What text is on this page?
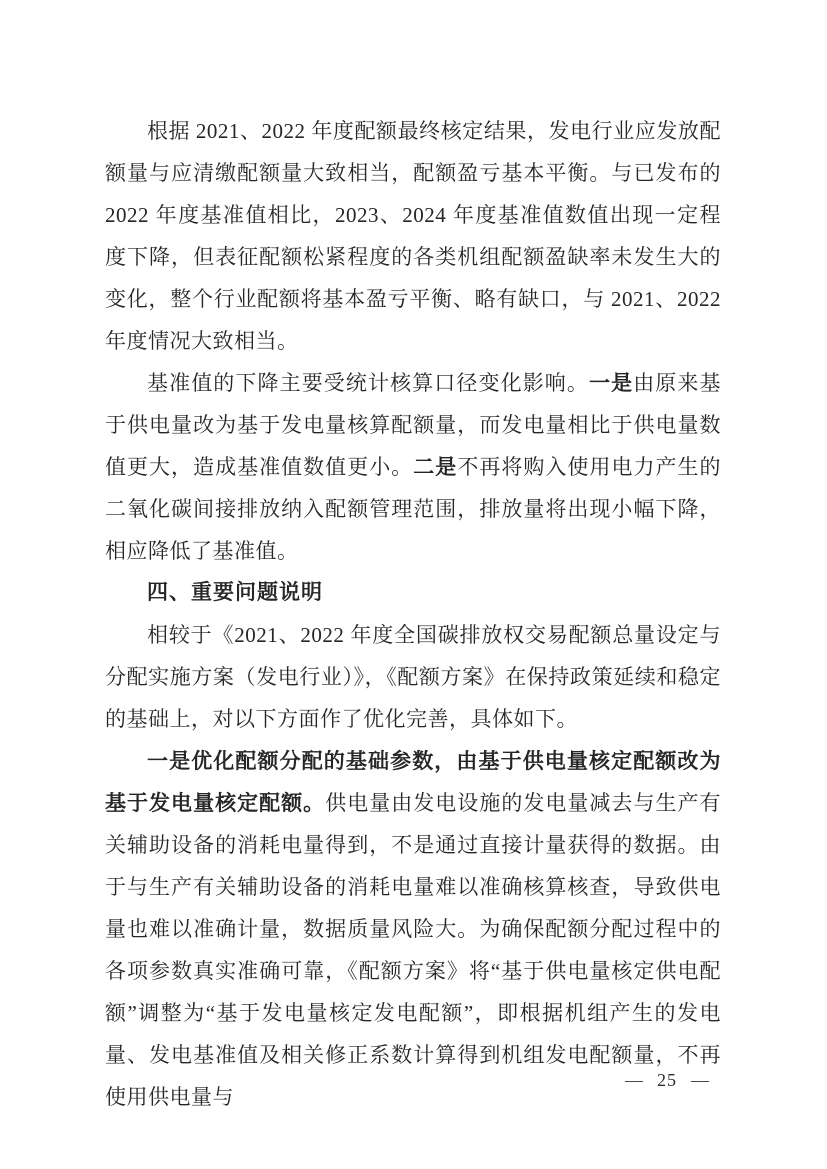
根据 2021、2022 年度配额最终核定结果，发电行业应发放配额量与应清缴配额量大致相当，配额盈亏基本平衡。与已发布的 2022 年度基准值相比，2023、2024 年度基准值数值出现一定程度下降，但表征配额松紧程度的各类机组配额盈缺率未发生大的变化，整个行业配额将基本盈亏平衡、略有缺口，与 2021、2022 年度情况大致相当。

基准值的下降主要受统计核算口径变化影响。一是由原来基于供电量改为基于发电量核算配额量，而发电量相比于供电量数值更大，造成基准值数值更小。二是不再将购入使用电力产生的二氧化碳间接排放纳入配额管理范围，排放量将出现小幅下降，相应降低了基准值。

四、重要问题说明

相较于《2021、2022 年度全国碳排放权交易配额总量设定与分配实施方案（发电行业）》，《配额方案》在保持政策延续和稳定的基础上，对以下方面作了优化完善，具体如下。

一是优化配额分配的基础参数，由基于供电量核定配额改为基于发电量核定配额。供电量由发电设施的发电量减去与生产有关辅助设备的消耗电量得到，不是通过直接计量获得的数据。由于与生产有关辅助设备的消耗电量难以准确核算核查，导致供电量也难以准确计量，数据质量风险大。为确保配额分配过程中的各项参数真实准确可靠，《配额方案》将“基于供电量核定供电配额”调整为“基于发电量核定发电配额”，即根据机组产生的发电量、发电基准值及相关修正系数计算得到机组发电配额量，不再使用供电量与

— 25 —
